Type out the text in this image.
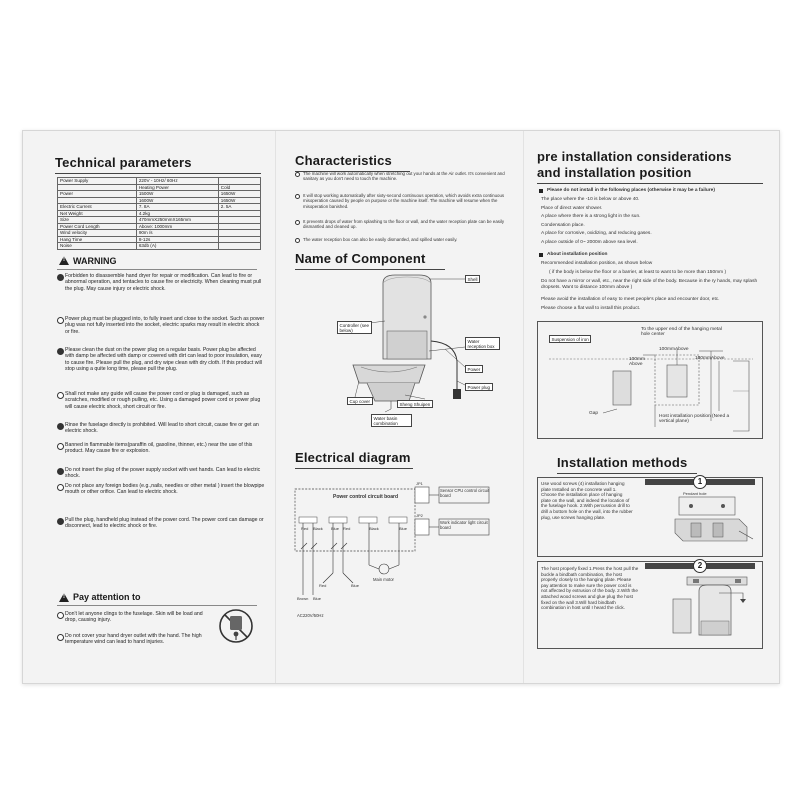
Technical parameters
Power Supply	220V - 10Hz/ 60Hz	
	Heating Power	Cold
Power	1500W	1650W
	1600W	1650W
Electric Current	7. 8A	2. 5A
Net Weight	4.2kg	
Size	470mmX250mmX165mm	
Power Cord Length	Above: 1000mm	
Wind velocity	90m /s	
Hang Time	8-12s	
Noise	63db (A)	
!
WARNING
Forbidden to disassemble hand dryer for repair or modification. Can lead to fire or abnormal operation, and tentacles to cause fire or electricity. When cleaning must pull the plug. May cause injury or electric shock.
Power plug must be plugged into, to fully insert and close to the socket. Such as power plug was not fully inserted into the socket, electric sparks may result in electric shock or fire.
Please clean the dust on the power plug on a regular basis. Power plug be affected with damp be affected with damp or covered with dirt can lead to poor insulation, easy to cause fire. Please pull the plug, and dry wipe clean with dry cloth. If this product will stop using a quite long time, please pull the plug.
Shall not make any guide will cause the power cord or plug is damaged, such as scratches, modified or rough pulling, etc. Using a damaged power cord or power plug will cause electric shock, short circuit or fire.
Rinse the fuselage directly is prohibited. Will lead to short circuit, cause fire or get an electric shock.
Banned in flammable items(paraffin oil, gasoline, thinner, etc.) near the use of this product. May cause fire or explosion.
Do not insert the plug of the power supply socket with wet hands. Can lead to electric shock.
Do not place any foreign bodies (e.g.,nails, needles or other metal ) insert the blowpipe mouth or other orifice. Can lead to electric shock.
Pull the plug, handheld plug instead of the power cord. The power cord can damage or disconnect, lead to electric shock or fire.
!
Pay attention to
Don't let anyone clings to the fuselage. Skin will be load and drop, causing injury.
Do not cover your hand dryer outlet with the hand. The high temperature wind can lead to hand injuries.
Characteristics
The machine will work automatically when stretching out your hands at the Air outlet. It's convenient and sanitary as you don't need to touch the machine.
It will stop working automatically after sixty-second continuous operation, which avoids extra continuous misoperation caused by people on purpose or the machine itself. The machine will resume when the misoperation banished.
It prevents drops of water from splashing to the floor or wall, and the water reception plate can be easily dismantled and cleaned up.
The water reception box can also be easily dismantled, and spilled water easily.
Name of Component
Shell
Controller (see below)
Water reception box
Power
Power plug
Cup cover
Sheng Shuipen
Water basin combination
Electrical diagram
Power control circuit board
JP1
JP2
Sensor CPU control circuit board
Work indicator light circuit board
Red Black Blue Red	Black	Blue
Main motor
Brown Blue
Red	Blue
AC220V/50Hz
pre installation considerations
and installation position
Please do not install in the following places (otherwise it may be a failure)
The place where the -10 is below or above 40.
Place of direct water shower.
A place where there is a strong light in the sun.
Condensation place.
A place for corrosive, oxidizing, and reducing gases.
A place outside of 0~ 2000m above sea level.
About installation position
Recommended installation position, as shown below
( if the body is below the floor or a barrier, at least to want to be more than 150mm )
Do not have a mirror or wall, etc., near the right side of the body. Because in the ry hands, may splash dropsets. Want to distance 100mm above )
Please avoid the installation of easy to meet people's place and encounter door, etc.
Please choose a flat wall to install this product.
Suspension of iron
To the upper end of the hanging metal hole center
100mmAbove
100mm Above
100mmAbove
Gap
Host installation position (Need a vertical plane)
Installation methods
Use wood screws (4) installation hanging plate Installed on the concrete wall 1. Choose the installation place of hanging plate on the wall, and indeed the location of the fuselage hook. 2.With percussion drill to drill a bottom hole on the wall, into the rubber plug, use screws hanging plate.
1
Pendant hole
The host properly fixed 1.Press the host pull the buckle a bindbath combination, the host properly closely to the hanging plate. Please pay attention to make sure the power cord is not affected by extrusion of the body. 2.With the attached wood screws and glue plug the host fixed on the wall 3.Will hard bindbath combination in host until I heard the click.
2
